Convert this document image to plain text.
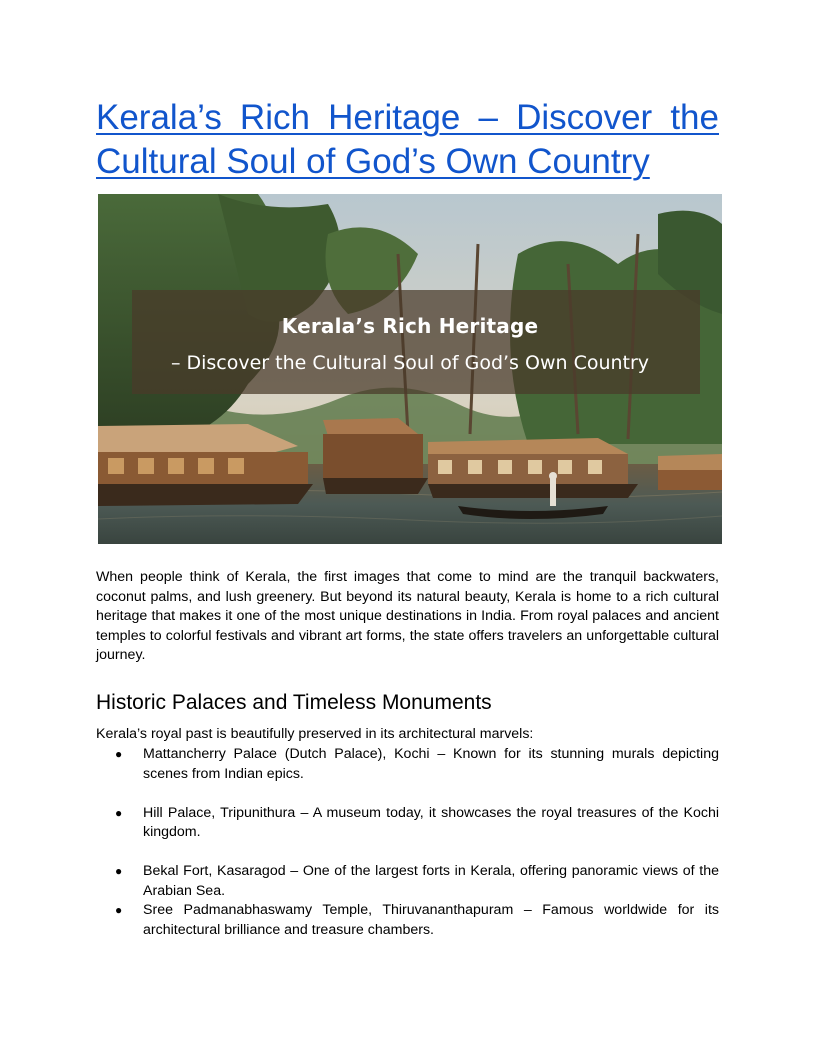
Kerala’s Rich Heritage – Discover the Cultural Soul of God’s Own Country
Kerala’s Rich Heritage
– Discover the Cultural Soul of God’s Own Country

When people think of Kerala, the first images that come to mind are the tranquil backwaters, coconut palms, and lush greenery. But beyond its natural beauty, Kerala is home to a rich cultural heritage that makes it one of the most unique destinations in India. From royal palaces and ancient temples to colorful festivals and vibrant art forms, the state offers travelers an unforgettable cultural journey.

Historic Palaces and Timeless Monuments
Kerala’s royal past is beautifully preserved in its architectural marvels:
● Mattancherry Palace (Dutch Palace), Kochi – Known for its stunning murals depicting scenes from Indian epics.
● Hill Palace, Tripunithura – A museum today, it showcases the royal treasures of the Kochi kingdom.
● Bekal Fort, Kasaragod – One of the largest forts in Kerala, offering panoramic views of the Arabian Sea.
● Sree Padmanabhaswamy Temple, Thiruvananthapuram – Famous worldwide for its architectural brilliance and treasure chambers.
